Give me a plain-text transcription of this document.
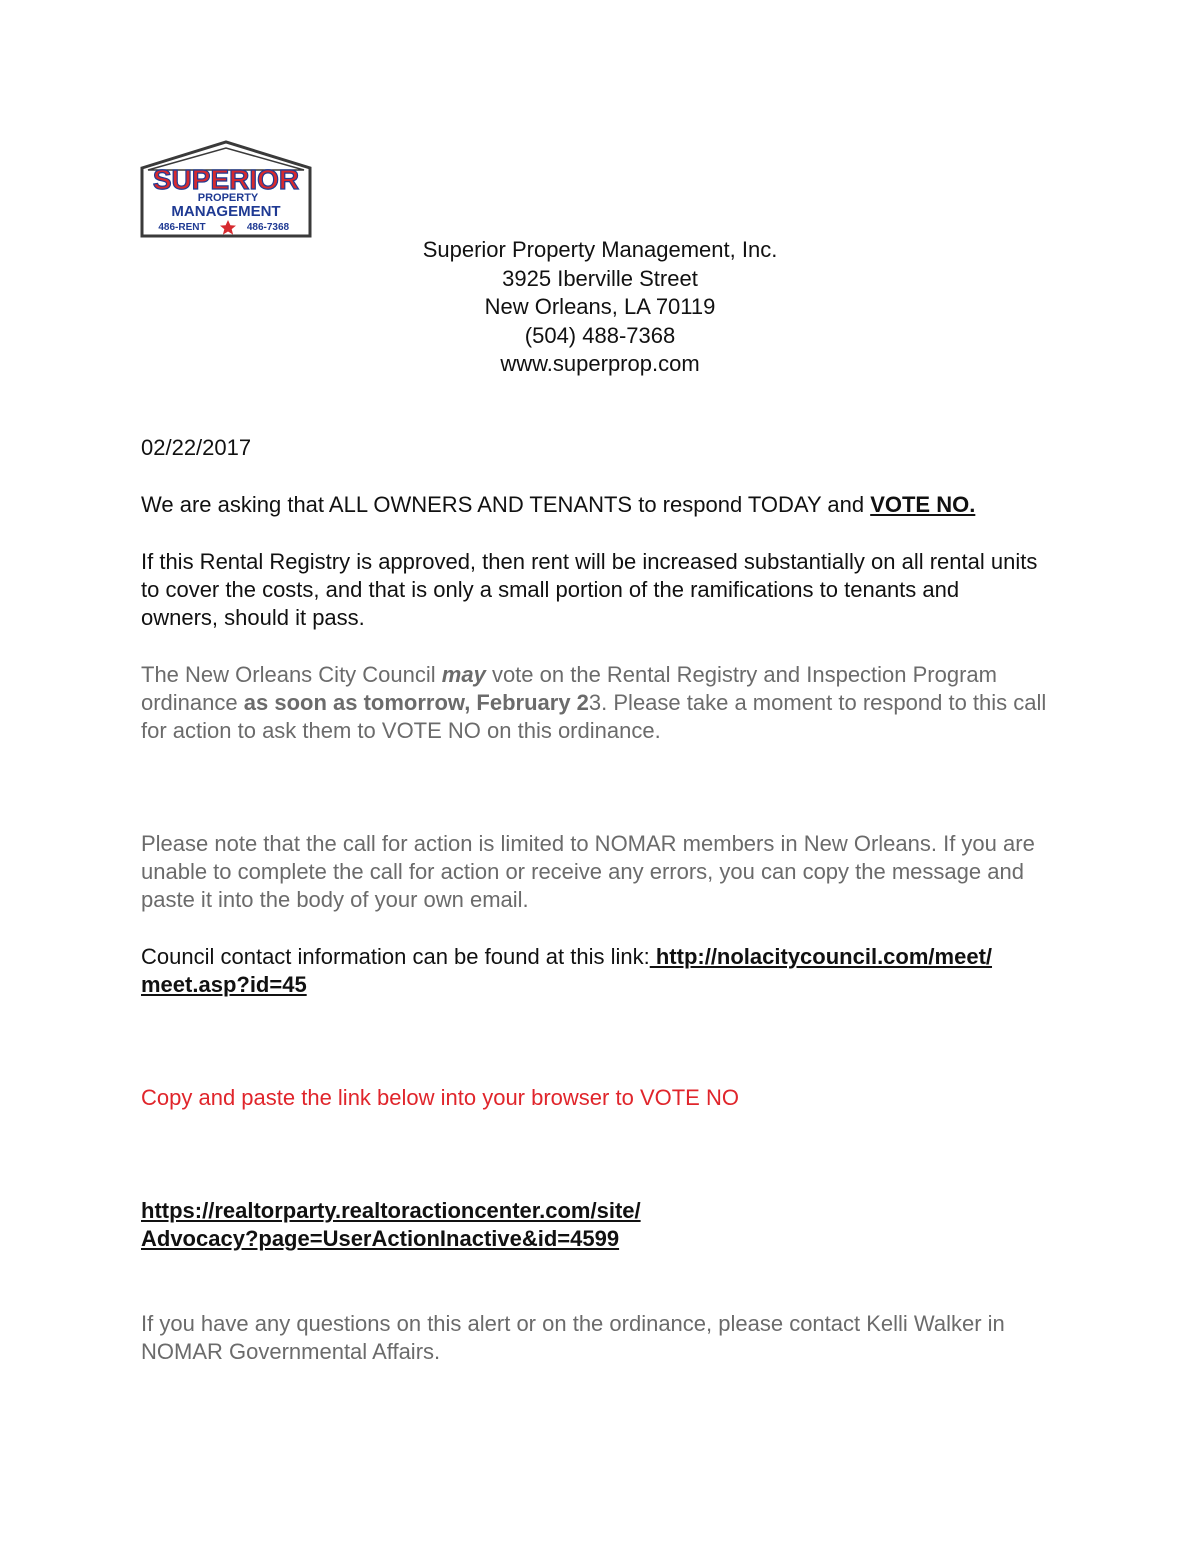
SUPERIOR
PROPERTY
MANAGEMENT
486-RENT	486-7368
Superior Property Management, Inc.
3925 Iberville Street
New Orleans, LA 70119
(504) 488-7368
www.superprop.com

02/22/2017

We are asking that ALL OWNERS AND TENANTS to respond TODAY and VOTE NO.

If this Rental Registry is approved, then rent will be increased substantially on all rental units to cover the costs, and that is only a small portion of the ramifications to tenants and owners, should it pass.

The New Orleans City Council may vote on the Rental Registry and Inspection Program ordinance as soon as tomorrow, February 23. Please take a moment to respond to this call for action to ask them to VOTE NO on this ordinance.

Please note that the call for action is limited to NOMAR members in New Orleans. If you are unable to complete the call for action or receive any errors, you can copy the message and paste it into the body of your own email.

Council contact information can be found at this link: http://nolacitycouncil.com/meet/
meet.asp?id=45

Copy and paste the link below into your browser to VOTE NO

https://realtorparty.realtoractioncenter.com/site/
Advocacy?page=UserActionInactive&id=4599

If you have any questions on this alert or on the ordinance, please contact Kelli Walker in NOMAR Governmental Affairs.
